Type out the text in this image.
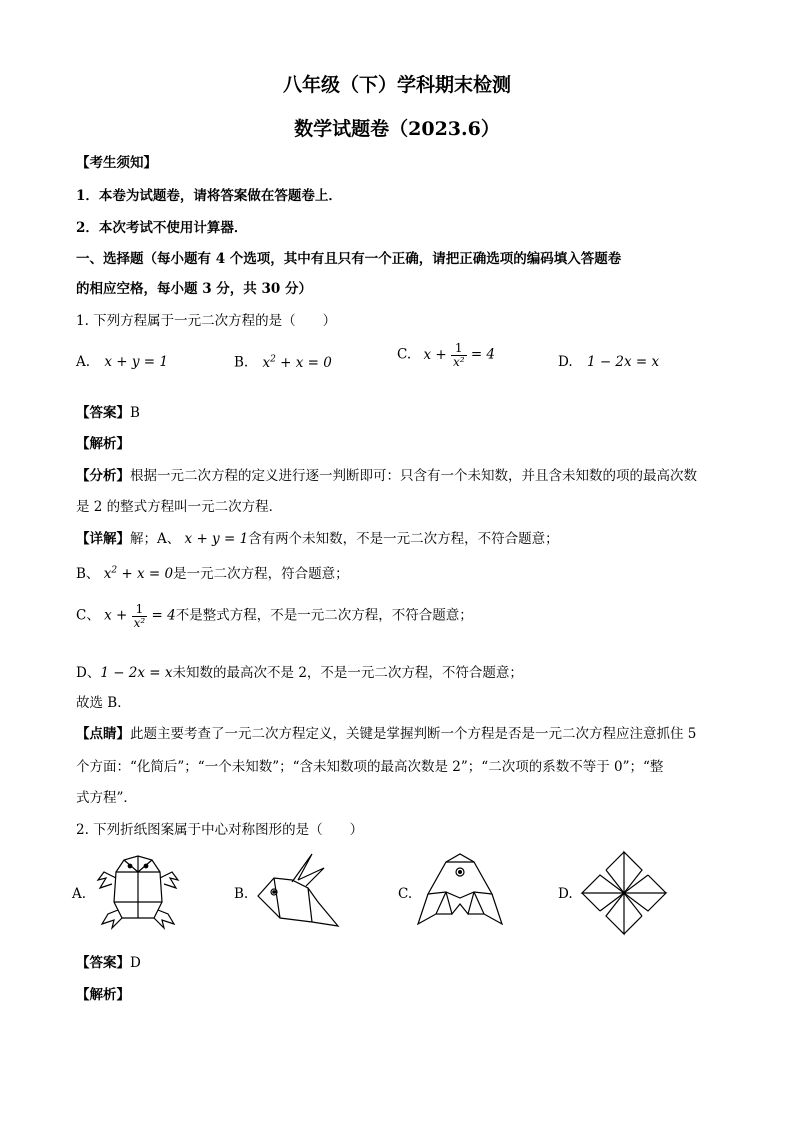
八年级（下）学科期末检测
数学试题卷（2023.6）
【考生须知】
1．本卷为试题卷，请将答案做在答题卷上．
2．本次考试不使用计算器．
一、选择题（每小题有 4 个选项，其中有且只有一个正确，请把正确选项的编码填入答题卷
的相应空格，每小题 3 分，共 30 分）
1. 下列方程属于一元二次方程的是（　　）
A. x + y = 1	B. $x^2 + x = 0$	C. $x + \frac{1}{\text{x²}} = 4$	D. 1 − 2x = x
【答案】B
【解析】
【分析】根据一元二次方程的定义进行逐一判断即可：只含有一个未知数，并且含未知数的项的最高次数
是 2 的整式方程叫一元二次方程．
【详解】解；A、 x + y = 1含有两个未知数，不是一元二次方程，不符合题意；
B、 $x^2 + x = 0$是一元二次方程，符合题意；
C、 $x + \frac{1}{\text{x²}} = 4$不是整式方程，不是一元二次方程，不符合题意；
D、1 − 2x = x未知数的最高次不是 2，不是一元二次方程，不符合题意；
故选 B．
【点睛】此题主要考查了一元二次方程定义，关键是掌握判断一个方程是否是一元二次方程应注意抓住 5
个方面：“化简后”；“一个未知数”；“含未知数项的最高次数是 2”；“二次项的系数不等于 0”；“整
式方程”．
2. 下列折纸图案属于中心对称图形的是（　　）
A.	B.	C.	D.
【答案】D
【解析】
